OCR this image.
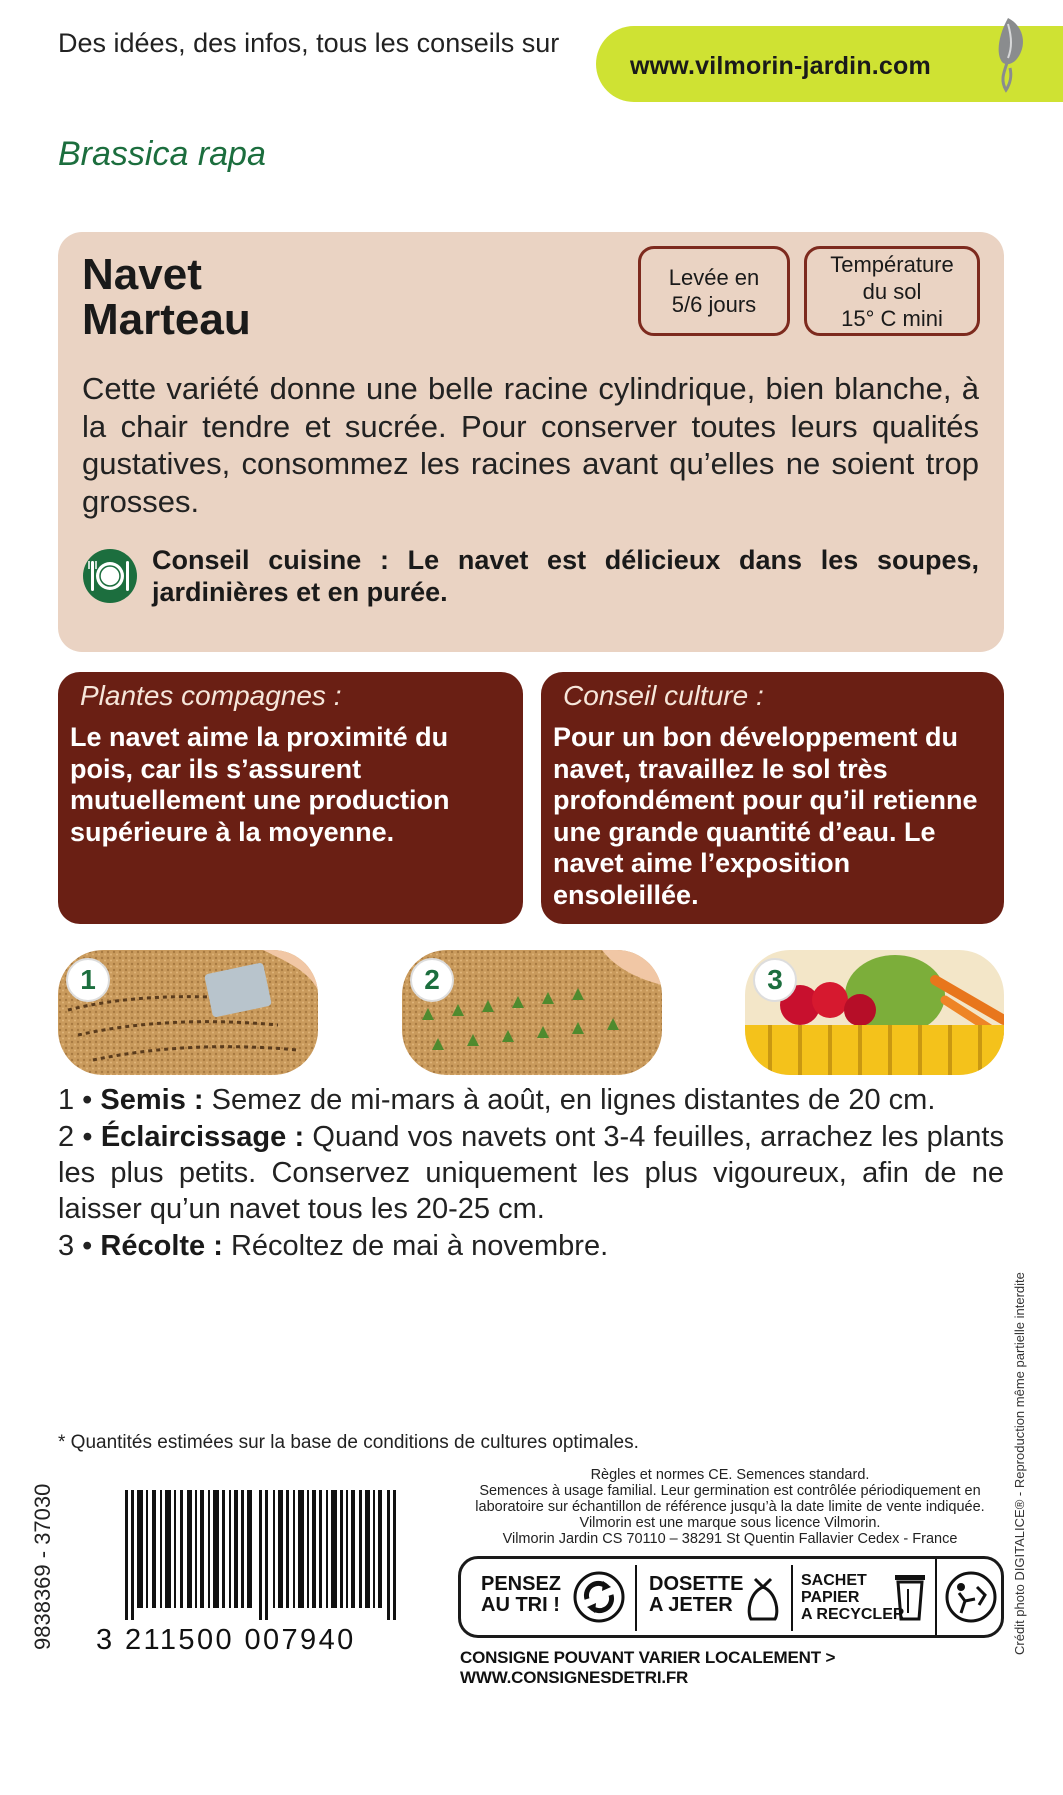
Des idées, des infos, tous les conseils sur
www.vilmorin-jardin.com
Brassica rapa
Navet
Marteau
Levée en
5/6 jours
Température
du sol
15° C mini
Cette variété donne une belle racine cylindrique, bien blanche, à la chair tendre et sucrée. Pour conserver toutes leurs qualités gustatives, consommez les racines avant qu’elles ne soient trop grosses.
Conseil cuisine : Le navet est délicieux dans les soupes, jardinières et en purée.
Plantes compagnes :
Le navet aime la proximité du pois, car ils s’assurent mutuellement une production supérieure à la moyenne.
Conseil culture :
Pour un bon développement du navet, travaillez le sol très profondément pour qu’il retienne une grande quantité d’eau. Le navet aime l’exposition ensoleillée.
1	2	3

1 • Semis : Semez de mi-mars à août, en lignes distantes de 20 cm.

2 • Éclaircissage : Quand vos navets ont 3-4 feuilles, arrachez les plants les plus petits. Conservez uniquement les plus vigoureux, afin de ne laisser qu’un navet tous les 20-25 cm.

3 • Récolte : Récoltez de mai à novembre.

* Quantités estimées sur la base de conditions de cultures optimales.
9838369 - 37030	Crédit photo DIGITALICE® - Reproduction même partielle interdite
3 211500 007940
Règles et normes CE. Semences standard.
Semences à usage familial. Leur germination est contrôlée périodiquement en laboratoire sur échantillon de référence jusqu’à la date limite de vente indiquée.
Vilmorin est une marque sous licence Vilmorin.
Vilmorin Jardin CS 70110 – 38291 St Quentin Fallavier Cedex - France
PENSEZ
AU TRI !
DOSETTE
A JETER
SACHET
PAPIER
A RECYCLER
CONSIGNE POUVANT VARIER LOCALEMENT > WWW.CONSIGNESDETRI.FR
